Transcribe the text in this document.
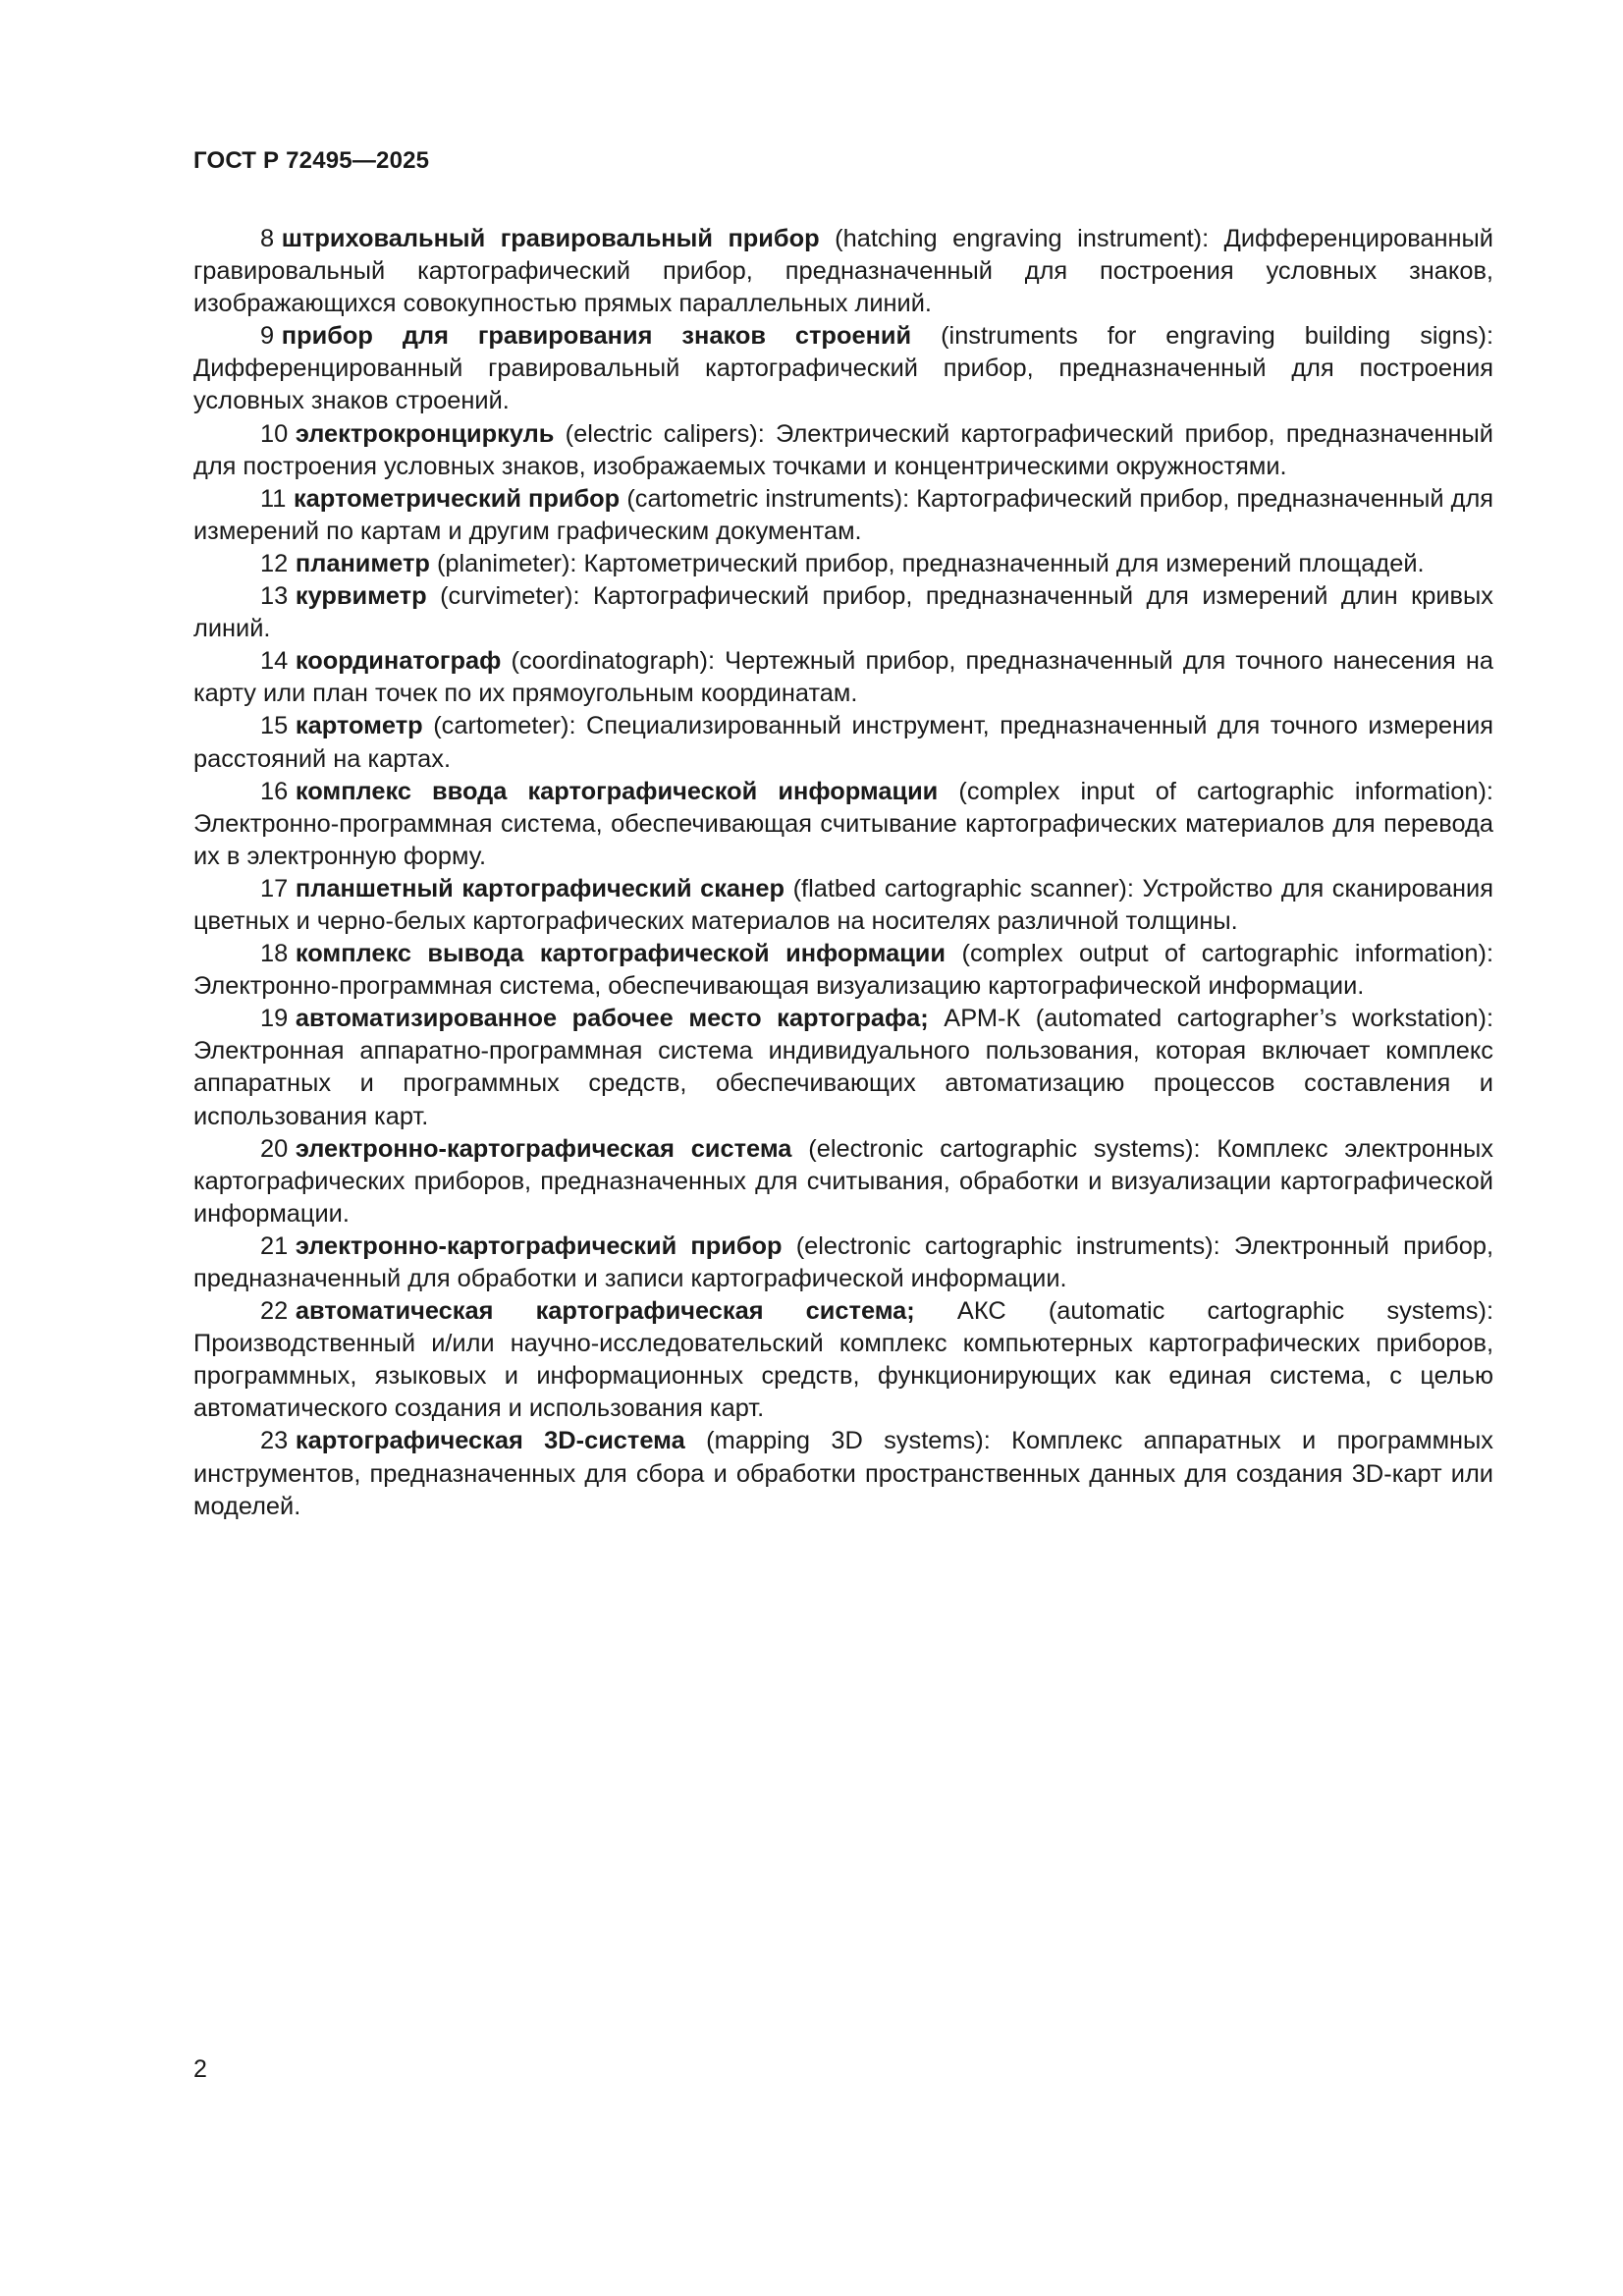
ГОСТ Р 72495—2025

8 штриховальный гравировальный прибор (hatching engraving instrument): Дифференцированный гравировальный картографический прибор, предназначенный для построения условных знаков, изображающихся совокупностью прямых параллельных линий.

9 прибор для гравирования знаков строений (instruments for engraving building signs): Дифференцированный гравировальный картографический прибор, предназначенный для построения условных знаков строений.

10 электрокронциркуль (electric calipers): Электрический картографический прибор, предназначенный для построения условных знаков, изображаемых точками и концентрическими окружностями.

11 картометрический прибор (cartometric instruments): Картографический прибор, предназначенный для измерений по картам и другим графическим документам.

12 планиметр (planimeter): Картометрический прибор, предназначенный для измерений площадей.

13 курвиметр (curvimeter): Картографический прибор, предназначенный для измерений длин кривых линий.

14 координатограф (coordinatograph): Чертежный прибор, предназначенный для точного нанесения на карту или план точек по их прямоугольным координатам.

15 картометр (cartometer): Специализированный инструмент, предназначенный для точного измерения расстояний на картах.

16 комплекс ввода картографической информации (complex input of cartographic information): Электронно-программная система, обеспечивающая считывание картографических материалов для перевода их в электронную форму.

17 планшетный картографический сканер (flatbed cartographic scanner): Устройство для сканирования цветных и черно-белых картографических материалов на носителях различной толщины.

18 комплекс вывода картографической информации (complex output of cartographic information): Электронно-программная система, обеспечивающая визуализацию картографической информации.

19 автоматизированное рабочее место картографа; АРМ-К (automated cartographer’s workstation): Электронная аппаратно-программная система индивидуального пользования, которая включает комплекс аппаратных и программных средств, обеспечивающих автоматизацию процессов составления и использования карт.

20 электронно-картографическая система (electronic cartographic systems): Комплекс электронных картографических приборов, предназначенных для считывания, обработки и визуализации картографической информации.

21 электронно-картографический прибор (electronic cartographic instruments): Электронный прибор, предназначенный для обработки и записи картографической информации.

22 автоматическая картографическая система; АКС (automatic cartographic systems): Производственный и/или научно-исследовательский комплекс компьютерных картографических приборов, программных, языковых и информационных средств, функционирующих как единая система, с целью автоматического создания и использования карт.

23 картографическая 3D-система (mapping 3D systems): Комплекс аппаратных и программных инструментов, предназначенных для сбора и обработки пространственных данных для создания 3D-карт или моделей.

2
